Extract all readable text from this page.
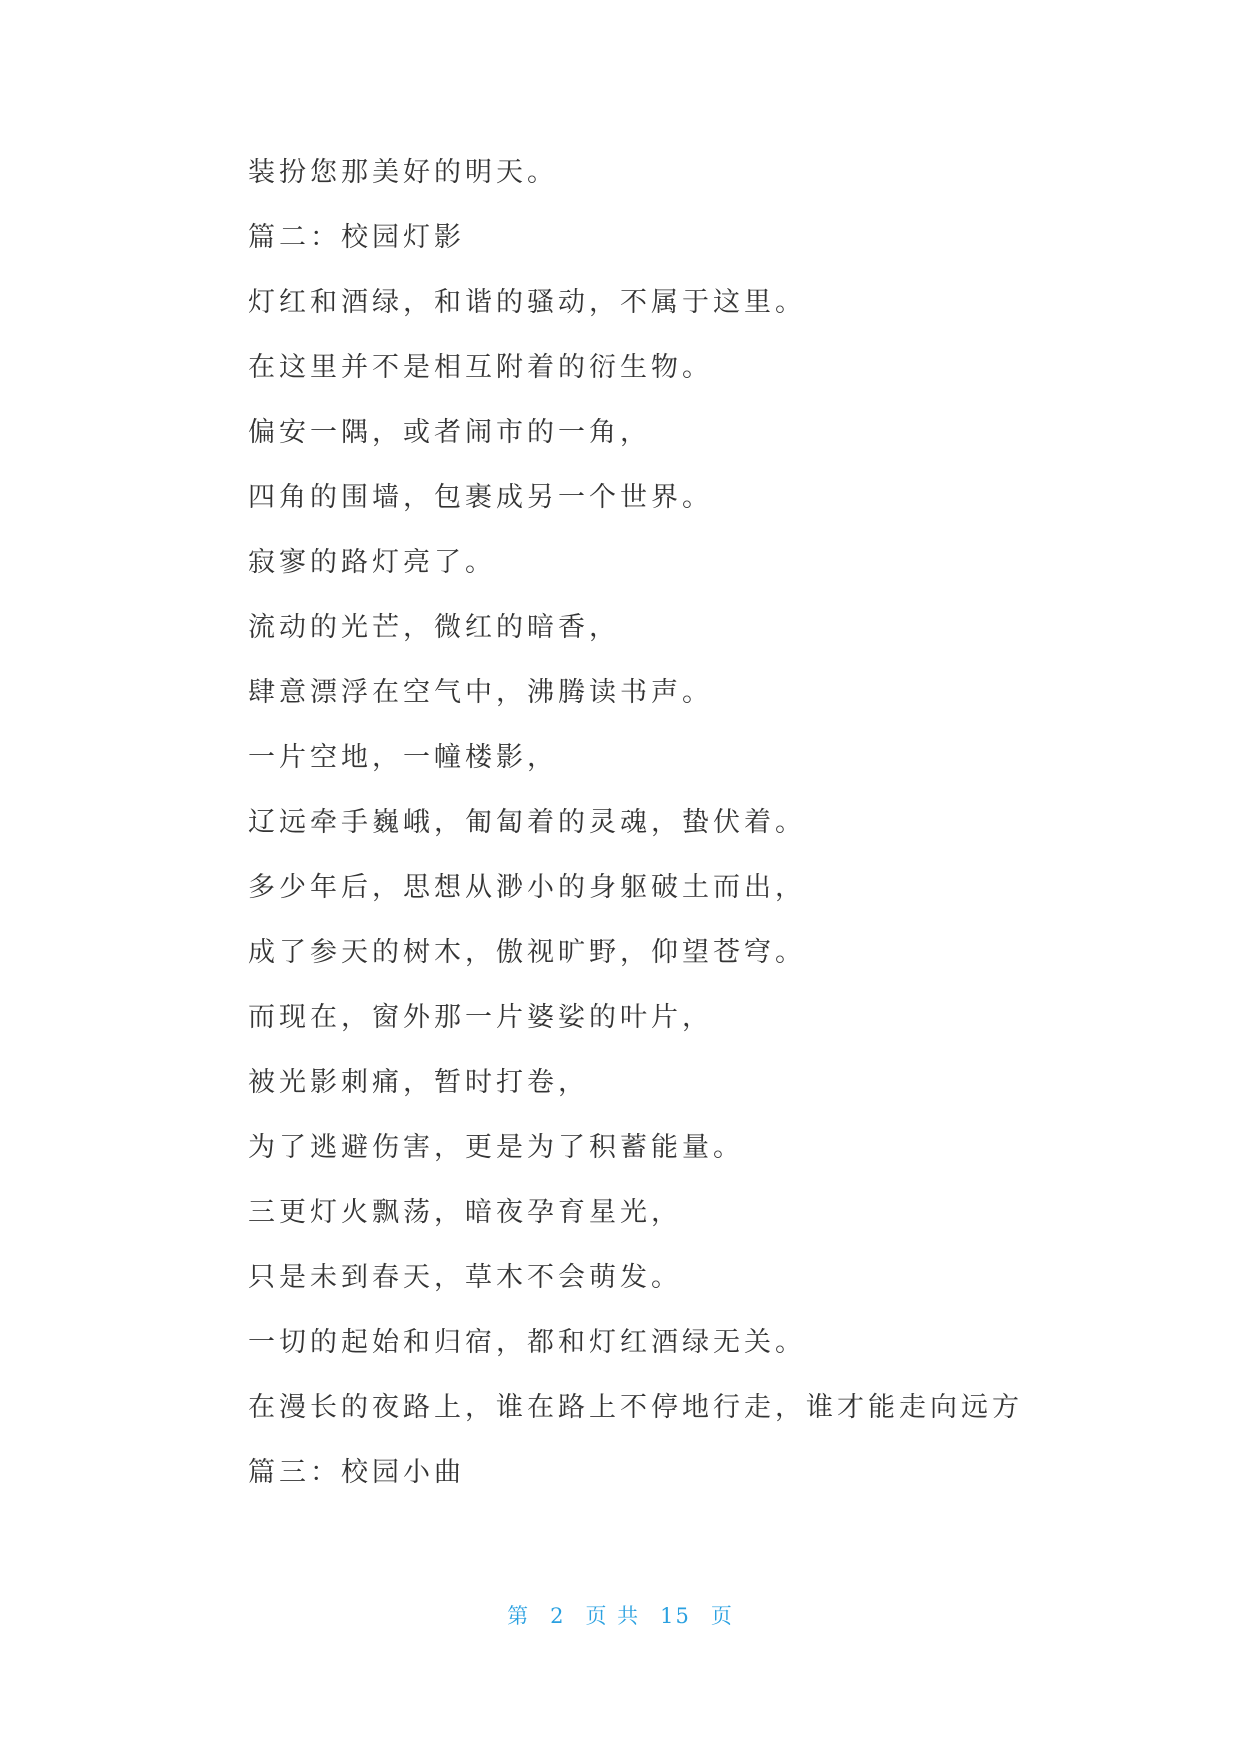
装扮您那美好的明天。
篇二：校园灯影
灯红和酒绿，和谐的骚动，不属于这里。
在这里并不是相互附着的衍生物。
偏安一隅，或者闹市的一角，
四角的围墙，包裹成另一个世界。
寂寥的路灯亮了。
流动的光芒，微红的暗香，
肆意漂浮在空气中，沸腾读书声。
一片空地，一幢楼影，
辽远牵手巍峨，匍匐着的灵魂，蛰伏着。
多少年后，思想从渺小的身躯破土而出，
成了参天的树木，傲视旷野，仰望苍穹。
而现在，窗外那一片婆娑的叶片，
被光影刺痛，暂时打卷，
为了逃避伤害，更是为了积蓄能量。
三更灯火飘荡，暗夜孕育星光，
只是未到春天，草木不会萌发。
一切的起始和归宿，都和灯红酒绿无关。
在漫长的夜路上，谁在路上不停地行走，谁才能走向远方
篇三：校园小曲
第 2 页 共 15 页
